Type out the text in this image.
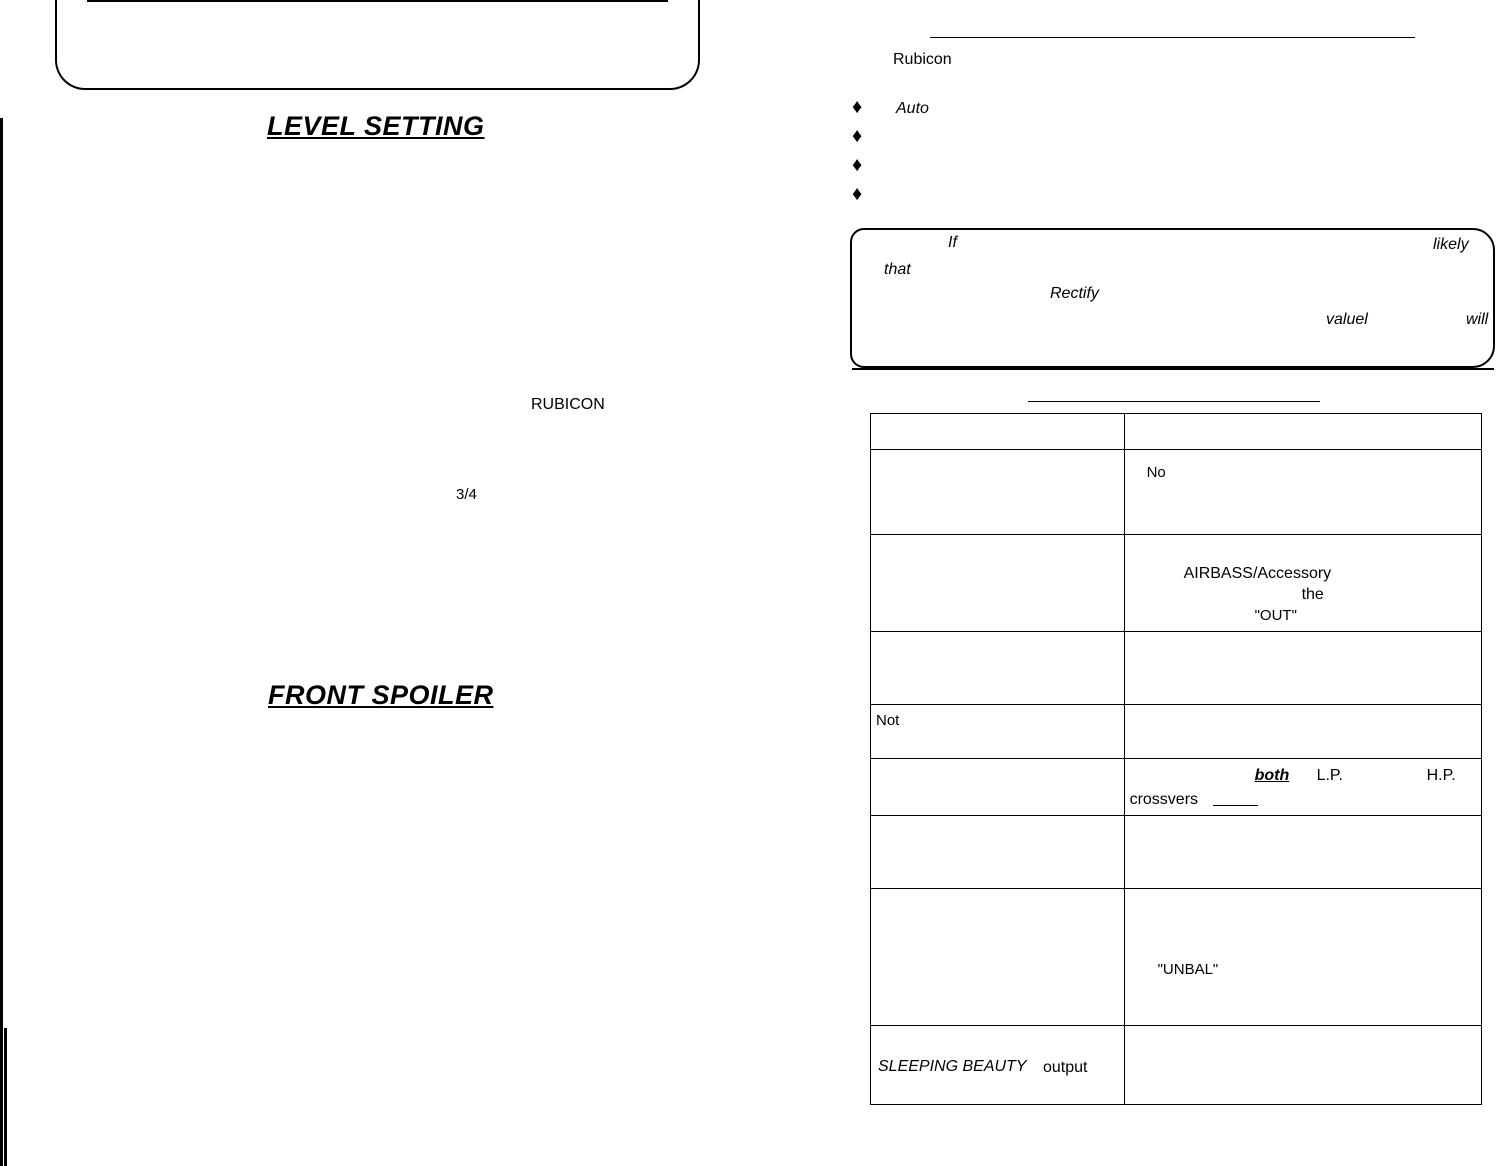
LEVEL SETTING
RUBICON
3/4
FRONT SPOILER
Rubicon
♦ Auto
♦
♦
♦
If	likely
that
Rectify
valuel	will

	No

	AIRBASS/Accessory
the
"OUT"

Not	

	both L.P. H.P.
crossvers

	"UNBAL"

SLEEPING BEAUTY output	
